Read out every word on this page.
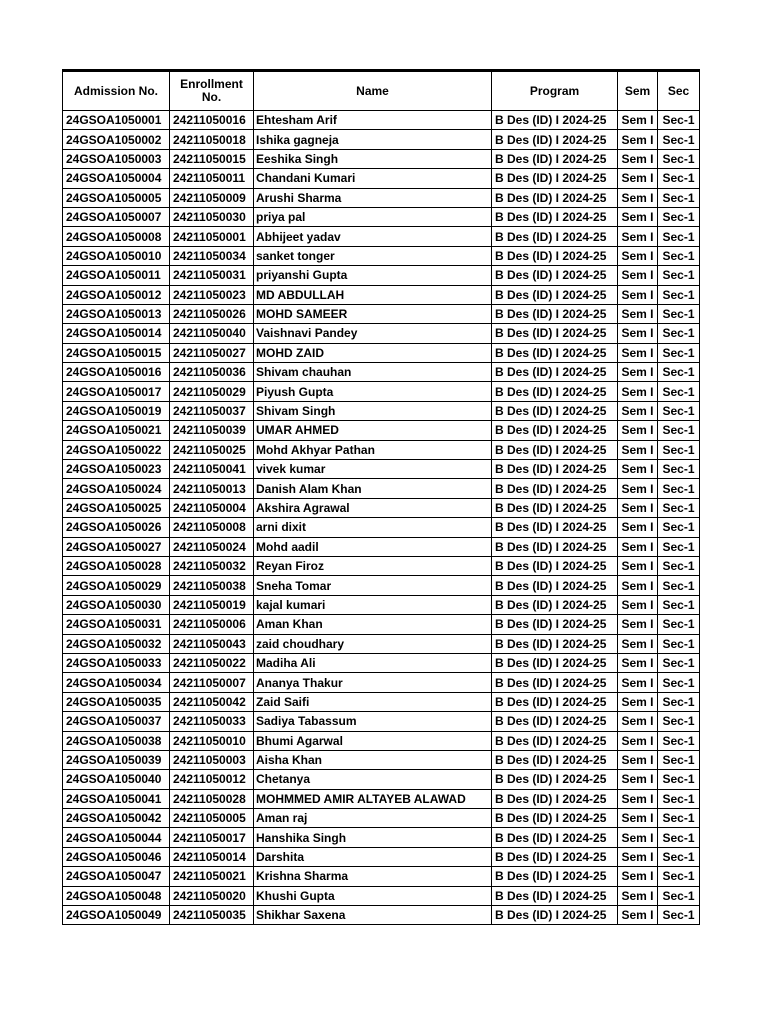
Admission No.	Enrollment No.	Name	Program	Sem	Sec
24GSOA1050001	24211050016	Ehtesham Arif	B Des (ID) I 2024-25	Sem I	Sec-1
24GSOA1050002	24211050018	Ishika gagneja	B Des (ID) I 2024-25	Sem I	Sec-1
24GSOA1050003	24211050015	Eeshika Singh	B Des (ID) I 2024-25	Sem I	Sec-1
24GSOA1050004	24211050011	Chandani Kumari	B Des (ID) I 2024-25	Sem I	Sec-1
24GSOA1050005	24211050009	Arushi Sharma	B Des (ID) I 2024-25	Sem I	Sec-1
24GSOA1050007	24211050030	priya pal	B Des (ID) I 2024-25	Sem I	Sec-1
24GSOA1050008	24211050001	Abhijeet yadav	B Des (ID) I 2024-25	Sem I	Sec-1
24GSOA1050010	24211050034	sanket tonger	B Des (ID) I 2024-25	Sem I	Sec-1
24GSOA1050011	24211050031	priyanshi Gupta	B Des (ID) I 2024-25	Sem I	Sec-1
24GSOA1050012	24211050023	MD ABDULLAH	B Des (ID) I 2024-25	Sem I	Sec-1
24GSOA1050013	24211050026	MOHD SAMEER	B Des (ID) I 2024-25	Sem I	Sec-1
24GSOA1050014	24211050040	Vaishnavi Pandey	B Des (ID) I 2024-25	Sem I	Sec-1
24GSOA1050015	24211050027	MOHD ZAID	B Des (ID) I 2024-25	Sem I	Sec-1
24GSOA1050016	24211050036	Shivam chauhan	B Des (ID) I 2024-25	Sem I	Sec-1
24GSOA1050017	24211050029	Piyush Gupta	B Des (ID) I 2024-25	Sem I	Sec-1
24GSOA1050019	24211050037	Shivam Singh	B Des (ID) I 2024-25	Sem I	Sec-1
24GSOA1050021	24211050039	UMAR AHMED	B Des (ID) I 2024-25	Sem I	Sec-1
24GSOA1050022	24211050025	Mohd Akhyar Pathan	B Des (ID) I 2024-25	Sem I	Sec-1
24GSOA1050023	24211050041	vivek kumar	B Des (ID) I 2024-25	Sem I	Sec-1
24GSOA1050024	24211050013	Danish Alam Khan	B Des (ID) I 2024-25	Sem I	Sec-1
24GSOA1050025	24211050004	Akshira Agrawal	B Des (ID) I 2024-25	Sem I	Sec-1
24GSOA1050026	24211050008	arni dixit	B Des (ID) I 2024-25	Sem I	Sec-1
24GSOA1050027	24211050024	Mohd aadil	B Des (ID) I 2024-25	Sem I	Sec-1
24GSOA1050028	24211050032	Reyan Firoz	B Des (ID) I 2024-25	Sem I	Sec-1
24GSOA1050029	24211050038	Sneha Tomar	B Des (ID) I 2024-25	Sem I	Sec-1
24GSOA1050030	24211050019	kajal kumari	B Des (ID) I 2024-25	Sem I	Sec-1
24GSOA1050031	24211050006	Aman Khan	B Des (ID) I 2024-25	Sem I	Sec-1
24GSOA1050032	24211050043	zaid choudhary	B Des (ID) I 2024-25	Sem I	Sec-1
24GSOA1050033	24211050022	Madiha Ali	B Des (ID) I 2024-25	Sem I	Sec-1
24GSOA1050034	24211050007	Ananya Thakur	B Des (ID) I 2024-25	Sem I	Sec-1
24GSOA1050035	24211050042	Zaid Saifi	B Des (ID) I 2024-25	Sem I	Sec-1
24GSOA1050037	24211050033	Sadiya Tabassum	B Des (ID) I 2024-25	Sem I	Sec-1
24GSOA1050038	24211050010	Bhumi Agarwal	B Des (ID) I 2024-25	Sem I	Sec-1
24GSOA1050039	24211050003	Aisha Khan	B Des (ID) I 2024-25	Sem I	Sec-1
24GSOA1050040	24211050012	Chetanya	B Des (ID) I 2024-25	Sem I	Sec-1
24GSOA1050041	24211050028	MOHMMED AMIR ALTAYEB ALAWAD	B Des (ID) I 2024-25	Sem I	Sec-1
24GSOA1050042	24211050005	Aman raj	B Des (ID) I 2024-25	Sem I	Sec-1
24GSOA1050044	24211050017	Hanshika Singh	B Des (ID) I 2024-25	Sem I	Sec-1
24GSOA1050046	24211050014	Darshita	B Des (ID) I 2024-25	Sem I	Sec-1
24GSOA1050047	24211050021	Krishna Sharma	B Des (ID) I 2024-25	Sem I	Sec-1
24GSOA1050048	24211050020	Khushi Gupta	B Des (ID) I 2024-25	Sem I	Sec-1
24GSOA1050049	24211050035	Shikhar Saxena	B Des (ID) I 2024-25	Sem I	Sec-1
